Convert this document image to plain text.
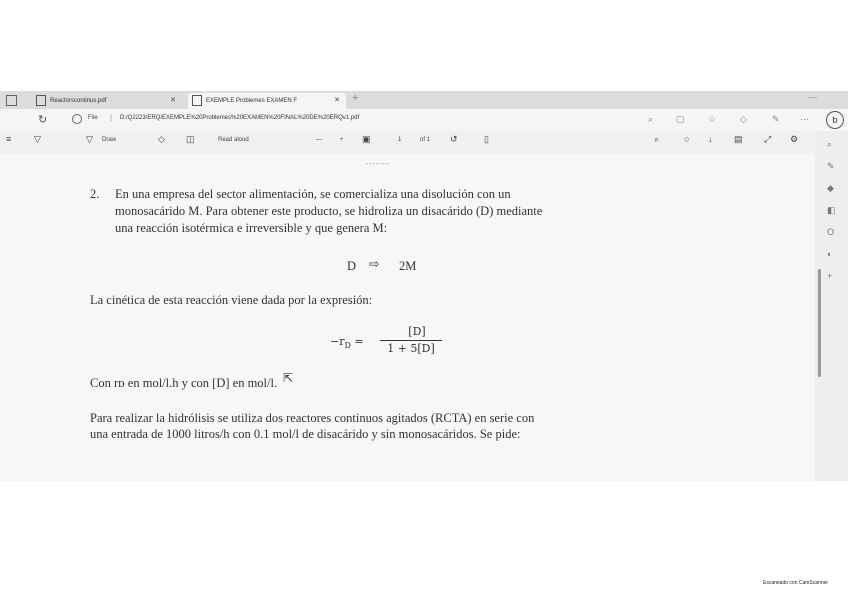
Reactorscontinus.pdf	✕	EXEMPLE Problemes EXAMEN F	✕ +	—
↻	File | D:/Q2223/ERQ/EXEMPLE%20Problemes%20EXAMEN%20FINAL%20DE%20ERQv1.pdf	⌕	▢	☆	◇	✎ ⋯	b
≡	▽	▽ Draw	◇ ◫	Read aloud	—	+ ▣	1	of 1 ↺	▯	⌕	○ ↓ ▤ ⤢ ⚙	⌕
✎
◆
◧
O
◐
+
-------
2. En una empresa del sector alimentación, se comercializa una disolución con un
monosacárido M. Para obtener este producto, se hidroliza un disacárido (D) mediante
una reacción isotérmica e irreversible y que genera M:
D ⇨ 2M
La cinética de esta reacción viene dada por la expresión:
$-r_D$ =
[D]
1 + 5[D]
Con rᴅ en mol/l.h y con [D] en mol/l. ⇱
Para realizar la hidrólisis se utiliza dos reactores continuos agitados (RCTA) en serie con
una entrada de 1000 litros/h con 0.1 mol/l de disacárido y sin monosacáridos. Se pide:
Escaneado con CamScanner
